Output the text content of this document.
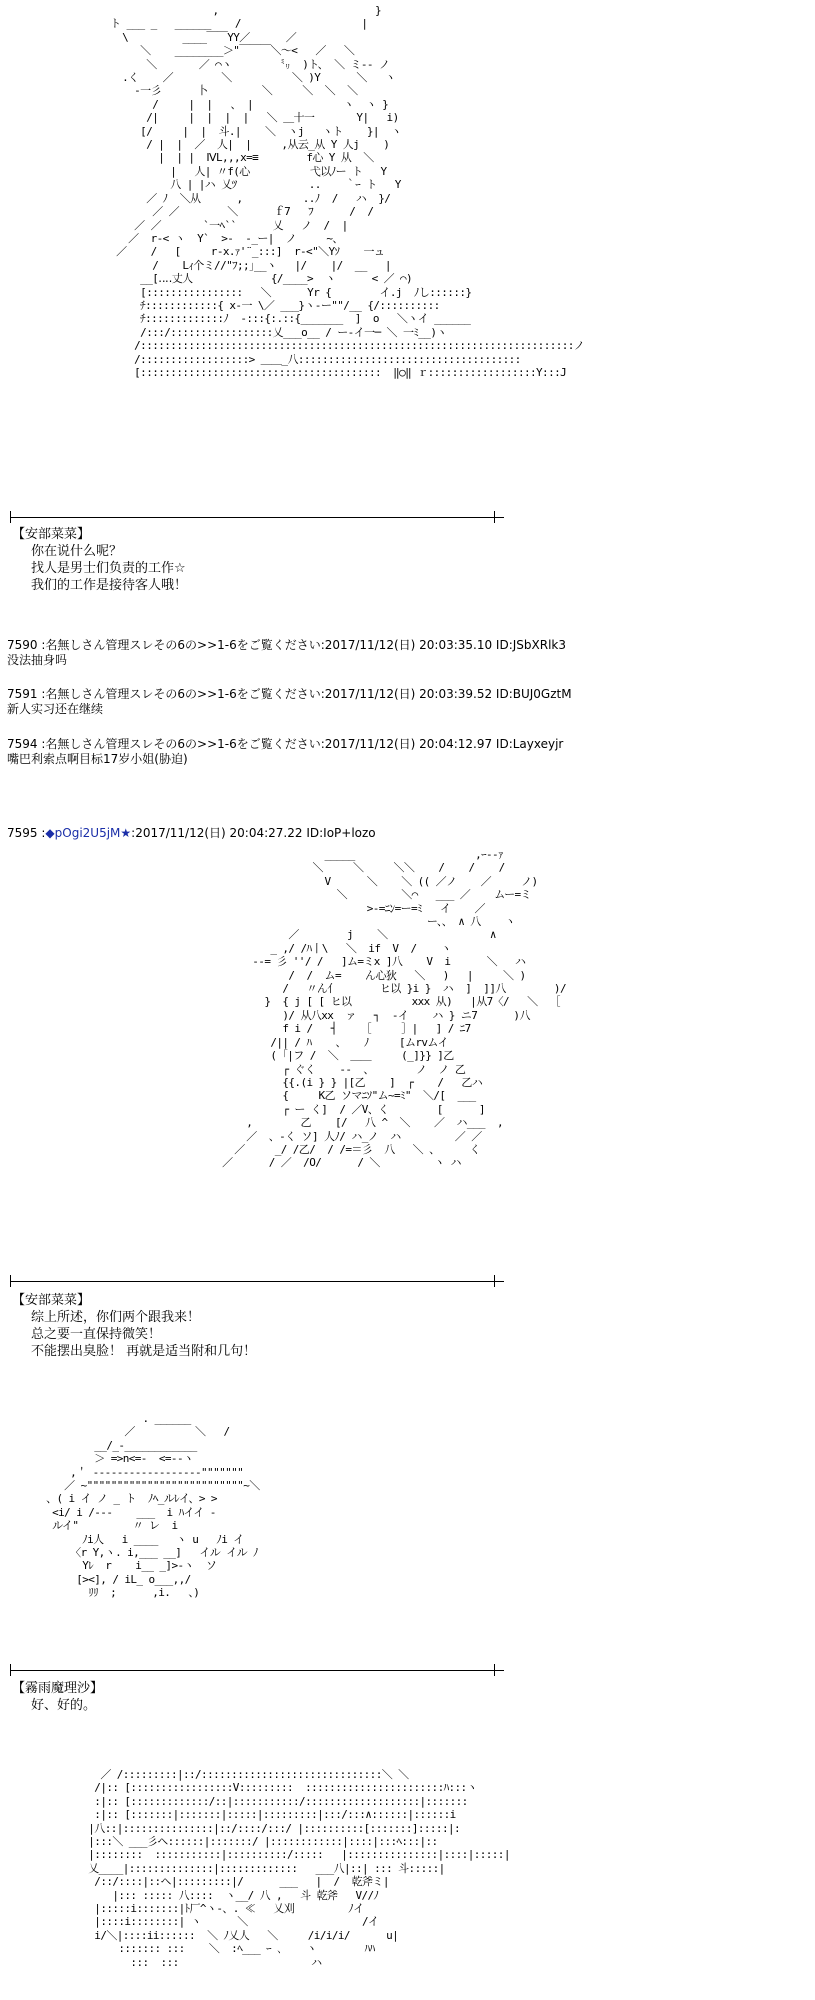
,                          }
ト ___ _   ______    /                    |
\         ____￣￣YY／      ／
＼    ________＞"￣￣￣＼～<   ／   ＼
＼       ／ ⌒ヽ        ㍉  )ト、 ＼ ミ-‐ ノ
.く    ／        ＼          ＼ )Y      ＼   ヽ
‐一彡      卜         ＼     ＼  ＼  ＼
/     |  |   、 |               ヽ  ヽ }
/|     |  |  |  |   ＼ ＿十一       Y|   i)
[/     |  |  斗.|    ＼  ヽj   ヽト    }|  ヽ
/ |  |  ／  人|  |     ,从云_从 Y 人j    )
|  | |  ⅣL,,,x=≡        f心 Y 从  ＼
|   人| 〃f(心          弋以ﾉー ト   Y
八 | |ハ 乂ﾂ            ..    ｀ｰ ト   Y
／ ﾉ  ＼从      ,          ..ﾉ  /   ハ  }/
／ ／        ＼      ｆ7   ﾌ      /  /
／ ／       `一ﾍ``      乂   ノ  /  |
／  r‐< ヽ  Y`  >-  ‐_ー|  ノ     ~、
／    /   [     r-x.ｧ'¨_:::]  r‐<"＼Yｿ    一ュ
/    Lｨ个ミ//"ﾌ;;｣__ヽ   |/    |/  __   |
__[‥‥丈人             {/____>  ヽ      < ／ ⌒)
[::::::::::::::::   ＼      Yr {        イ.j  ﾉし::::::}
ﾁ::::::::::::{ x‐一 \／ ___}ヽ‐ー""/__ {/::::::::::
ﾁ:::::::::::::ﾉ  -:::{:.::{_______  ]  o   ＼ヽイ ______
/:::/:::::::::::::::::乂___o__ / ー‐イ一─ ＼ 一ﾐ__)ヽ
/::::::::::::::::::::::::::::::::::::::::::::::::::::::::::::::::::::::::ノ
/::::::::::::::::::> ＿＿_八:::::::::::::::::::::::::::::::::::::
[::::::::::::::::::::::::::::::::::::::::  ‖○‖ ｒ::::::::::::::::::Y:::J
【安部菜菜】
你在说什么呢？
找人是男士们负责的工作☆
我们的工作是接待客人哦！
7590 :名無しさん管理スレその6の>>1-6をご覧ください:2017/11/12(日) 20:03:35.10 ID:JSbXRlk3
没法抽身吗
7591 :名無しさん管理スレその6の>>1-6をご覧ください:2017/11/12(日) 20:03:39.52 ID:BUJ0GztM
新人实习还在继续
7594 :名無しさん管理スレその6の>>1-6をご覧ください:2017/11/12(日) 20:04:12.97 ID:Layxeyjr
嘴巴利索点啊目标17岁小姐(胁迫)
7595 :◆pOgi2U5jM★:2017/11/12(日) 20:04:27.22 ID:IoP+lozo
_____                    ,ｰ‐‐ｧ
＼     ＼     ＼＼    /    /    /
V      ＼    ＼ (( ／ノ    ／     ノ)
＼         ＼⌒   ___ ／    ムー=ミ
>-=ﾆﾝ=ー=ﾐ   イ    ／
ー、、 ∧ 八    ヽ
／        j    ＼                 ∧
_ ,/ /ﾊ丨\   ＼  if  V  /    ヽ
--= 彡 ''/ /   ]ム=ミx ]八    V  i      ＼   ハ
/  /  ム=    ん心狄   ＼   )   |     ＼ )
/   〃ん亻       ヒ以 }i }  ハ  ]  ]]八        )/
}  { j [ [ ヒ以          xxx 从)   |从7〈/   ＼  ［
)/ 从八xx  ァ   ┐  -イ    ハ } ニ7      )八
f i /   ┤    ［     ］|   ] / ﾆ7
/|| / ﾊ    、   ﾉ     [ムrvムイ
( ｢|フ /  ＼  ＿＿     (_]}} ]乙
┌ ぐく    ‐‐  、       ノ  ノ 乙
{{.(i } } |[乙    ]  ┌    /   乙ハ
{     K乙 ソマﾆｿ"ム~=ﾐ"  ＼/[  ___
┌ ー く]  / ／V、く        [      ]
,        乙    [/   八 ^  ＼    ／  ハ___  ,
／  、‐く ソ] 人ﾉ/ ハ_ノ  ハ         ／ ／
／     _/ /乙/  / /=＝彡  八   ＼ 、     く
／      / ／  /O/      / ＼         ヽ ハ
【安部菜菜】
综上所述，你们两个跟我来！
总之要一直保持微笑！
不能摆出臭脸！ 再就是适当附和几句！
. ______
／          ＼   /
__/_‐____________
＞ =>n<=-  <=-‐ヽ
,＇ ‐‐‐‐‐‐‐‐‐‐‐‐‐‐‐‐‐‐"""""""
／ ~""""""""""""""""""""""""""~＼
、( i イ ノ _ ト  ﾉﾍ_ルﾚイ、> >
<i/ i /-‐‐    ___  i ﾊイイ -
ルイ"         〃 レ  i
ﾉi人   i ____   ヽ u   ﾉi イ
〈r Y,ヽ. i,___ __]   イル イル ﾉ
Yﾚ  r    i__ _]>-ヽ  ソ
[><], / iL_ o___,,/
ﾘﾘ  ;      ,i.   、)
【霧雨魔理沙】
好、好的。
／ /:::::::::|::/::::::::::::::::::::::::::::::＼ ＼
/|:: [:::::::::::::::::V:::::::::  :::::::::::::::::::::::ﾊ:::ヽ
:|:: [:::::::::::::/::|:::::::::::/:::::::::::::::::::|:::::::
:|:: [:::::::|:::::::|:::::|:::::::::|:::/:::∧::::::|::::::i
|八::|:::::::::::::::|::/::::/:::/ |::::::::::[:::::::]:::::|:
|:::＼ ___彡ヘ::::::|:::::::/ |::::::::::::|::::|:::ﾍ:::|::
|::::::::  :::::::::::|::::::::::/:::::   |:::::::::::::::|::::|:::::|
乂____|::::::::::::::|:::::::::::::   ___八|::| ::: 斗:::::|
/::/::::|::ヘ|:::::::::|/      ___   |  /  乾斧ミ|
|::: ::::: 八::::  ヽ__/ 八 ,   斗 乾斧   V//ﾉ
|:::::i:::::::|ﾄ厂^ヽ‐、. ≪   乂刈         ﾉイ
|::::i::::::::| ヽ      ＼                   /イ
i/＼|::::ii::::::  ＼ ﾉ乂人   ＼     /i/i/i/      u|
::::::: :::    ＼  :ﾍ___ ｰ ､    ヽ        ﾊﾊ
:::  :::                      ハ
